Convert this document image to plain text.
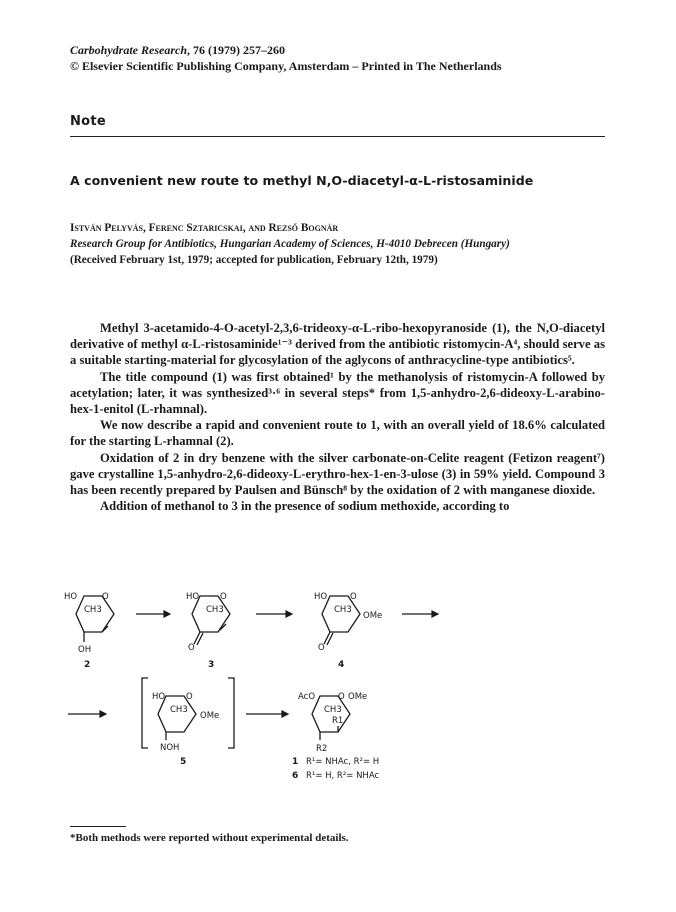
Carbohydrate Research, 76 (1979) 257–260
© Elsevier Scientific Publishing Company, Amsterdam – Printed in The Netherlands
Note
A convenient new route to methyl N,O-diacetyl-α-L-ristosaminide
István Pelyvás, Ferenc Sztaricskai, and Rezső Bognár
Research Group for Antibiotics, Hungarian Academy of Sciences, H-4010 Debrecen (Hungary)
(Received February 1st, 1979; accepted for publication, February 12th, 1979)

Methyl 3-acetamido-4-O-acetyl-2,3,6-trideoxy-α-L-ribo-hexopyranoside (1), the N,O-diacetyl derivative of methyl α-L-ristosaminide¹⁻³ derived from the antibiotic ristomycin-A⁴, should serve as a suitable starting-material for glycosylation of the aglycons of anthracycline-type antibiotics⁵.

The title compound (1) was first obtained¹ by the methanolysis of ristomycin-A followed by acetylation; later, it was synthesized³·⁶ in several steps* from 1,5-anhydro-2,6-dideoxy-L-arabino-hex-1-enitol (L-rhamnal).

We now describe a rapid and convenient route to 1, with an overall yield of 18.6% calculated for the starting L-rhamnal (2).

Oxidation of 2 in dry benzene with the silver carbonate-on-Celite reagent (Fetizon reagent⁷) gave crystalline 1,5-anhydro-2,6-dideoxy-L-erythro-hex-1-en-3-ulose (3) in 59% yield. Compound 3 has been recently prepared by Paulsen and Bünsch⁸ by the oxidation of 2 with manganese dioxide.

Addition of methanol to 3 in the presence of sodium methoxide, according to

HO	O
CH3
OH
HO O
CH3
O
HO	O
CH3
OMe
O
HO O
CH3
OMe
NOH
AcO	O OMe
CH3
R1
R2
2	3	4
5	1
6
R¹= NHAc, R²= H
R¹= H, R²= NHAc
*Both methods were reported without experimental details.
